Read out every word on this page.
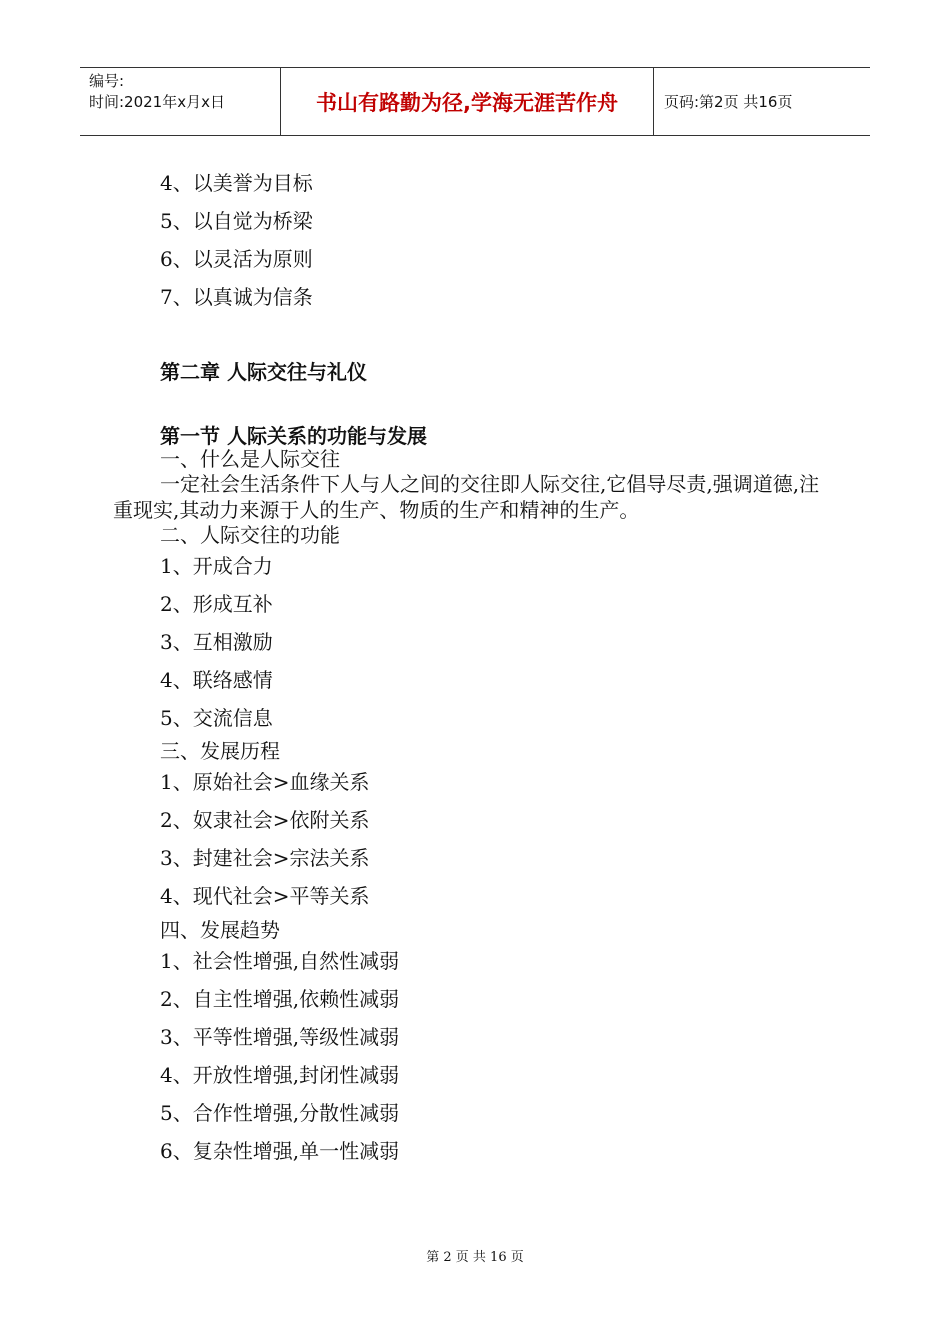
编号:
时间:2021年x月x日	书山有路勤为径,学海无涯苦作舟	页码:第2页 共16页
4、以美誉为目标
5、以自觉为桥梁
6、以灵活为原则
7、以真诚为信条
第二章 人际交往与礼仪
第一节 人际关系的功能与发展
一、什么是人际交往
一定社会生活条件下人与人之间的交往即人际交往,它倡导尽责,强调道德,注重现实,其动力来源于人的生产、物质的生产和精神的生产。
二、人际交往的功能
1、开成合力
2、形成互补
3、互相激励
4、联络感情
5、交流信息
三、发展历程
1、原始社会>血缘关系
2、奴隶社会>依附关系
3、封建社会>宗法关系
4、现代社会>平等关系
四、发展趋势
1、社会性增强,自然性减弱
2、自主性增强,依赖性减弱
3、平等性增强,等级性减弱
4、开放性增强,封闭性减弱
5、合作性增强,分散性减弱
6、复杂性增强,单一性减弱
第 2 页 共 16 页
